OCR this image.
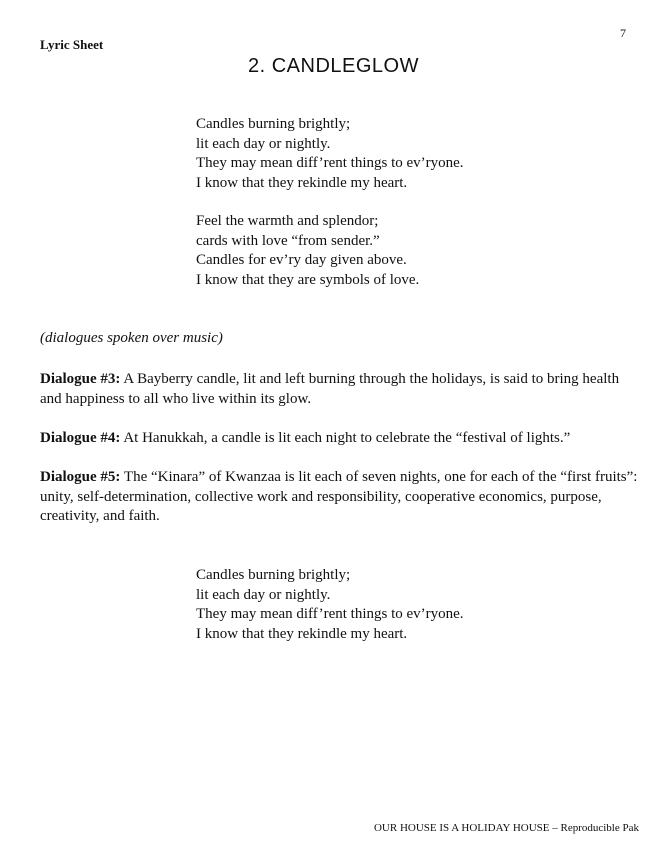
Lyric Sheet
7
2. CANDLEGLOW
Candles burning brightly;
lit each day or nightly.
They may mean diff’rent things to ev’ryone.
I know that they rekindle my heart.
Feel the warmth and splendor;
cards with love “from sender.”
Candles for ev’ry day given above.
I know that they are symbols of love.
(dialogues spoken over music)
Dialogue #3: A Bayberry candle, lit and left burning through the holidays, is said to bring health and happiness to all who live within its glow.
Dialogue #4: At Hanukkah, a candle is lit each night to celebrate the “festival of lights.”
Dialogue #5: The “Kinara” of Kwanzaa is lit each of seven nights, one for each of the “first fruits”: unity, self-determination, collective work and responsibility, cooperative economics, purpose, creativity, and faith.
Candles burning brightly;
lit each day or nightly.
They may mean diff’rent things to ev’ryone.
I know that they rekindle my heart.
OUR HOUSE IS A HOLIDAY HOUSE – Reproducible Pak
